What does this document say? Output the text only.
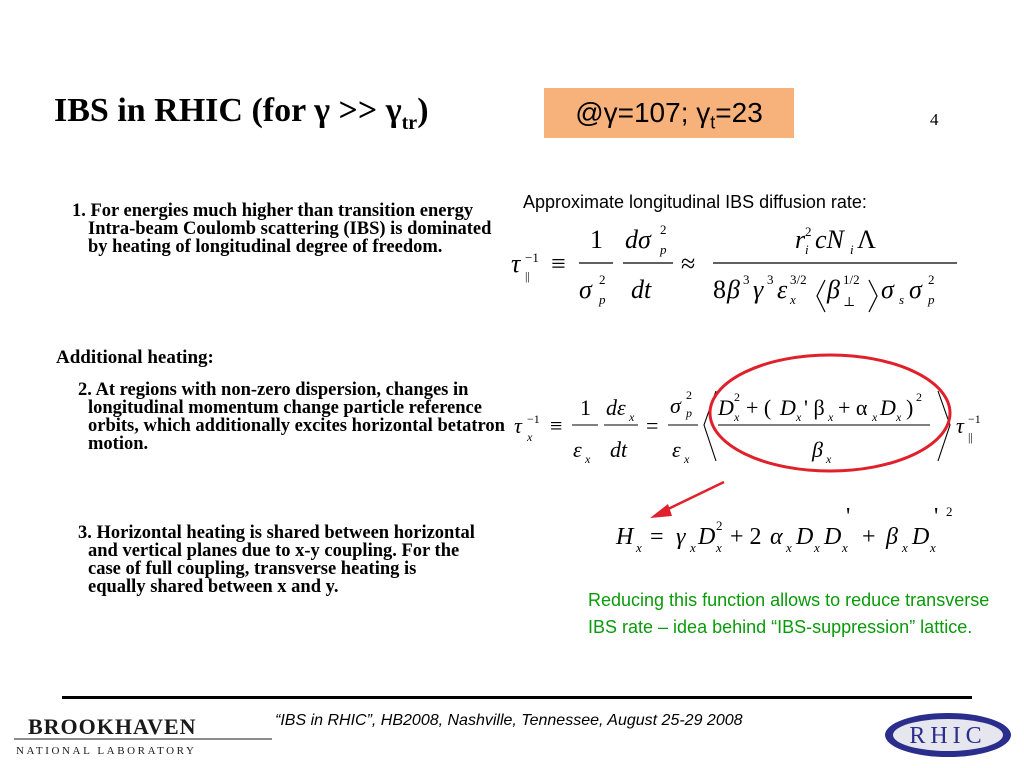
IBS in RHIC (for $\gamma >> \gamma_{tr}$)	@γ=107; $\gamma_t=23$	4
Approximate longitudinal IBS diffusion rate:
1. For energies much higher than transition energy Intra-beam Coulomb scattering (IBS) is dominated by heating of longitudinal degree of freedom.
Additional heating:
2. At regions with non-zero dispersion, changes in longitudinal momentum change particle reference orbits, which additionally excites horizontal betatron motion.
3. Horizontal heating is shared between horizontal and vertical planes due to x-y coupling. For the case of full coupling, transverse heating is equally shared between x and y.
τ −1
|| ≡
1
σ 2
p
dσ 2
p
dt
≈
r 2
i cN i Λ
8 β 3 γ 3 ε 3/2
x β 1/2
⊥ σ s σ 2
p
τ −1
x ≡
1
ε x
dε x
dt
=
σ 2
p
ε x
D 2
x + ( D x ' β x + α x D x ) 2
β x
τ −1
||
H x = γ x D 2
x + 2 α x D x D x
'
+ β x D x
' 2
Reducing this function allows to reduce transverse IBS rate – idea behind “IBS-suppression” lattice.
BROOKHAVEN
NATIONAL LABORATORY
“IBS in RHIC”, HB2008, Nashville, Tennessee, August 25-29 2008
RHIC
